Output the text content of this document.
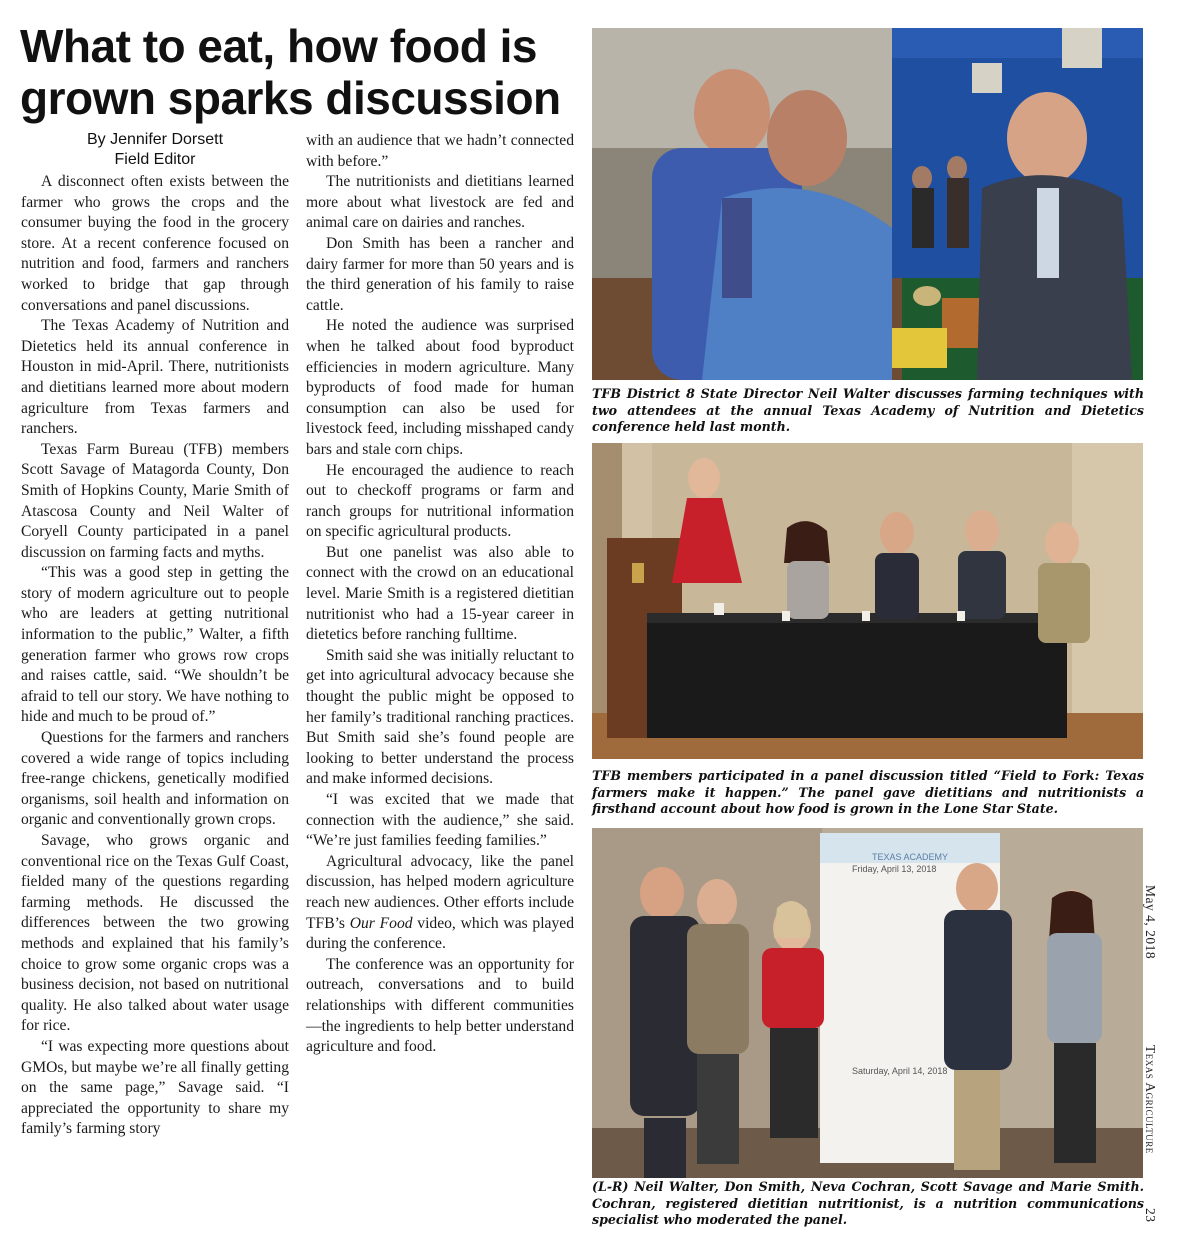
What to eat, how food is grown sparks discussion
By Jennifer Dorsett
Field Editor

A disconnect often exists between the farmer who grows the crops and the consumer buying the food in the grocery store. At a recent conference focused on nutrition and food, farmers and ranchers worked to bridge that gap through conversations and panel discussions.

The Texas Academy of Nutrition and Dietetics held its annual conference in Houston in mid-April. There, nutritionists and dietitians learned more about modern agriculture from Texas farmers and ranchers.

Texas Farm Bureau (TFB) members Scott Savage of Matagorda County, Don Smith of Hopkins County, Marie Smith of Atascosa County and Neil Walter of Coryell County participated in a panel discussion on farming facts and myths.

“This was a good step in getting the story of modern agriculture out to people who are leaders at getting nutritional information to the public,” Walter, a fifth generation farmer who grows row crops and raises cattle, said. “We shouldn’t be afraid to tell our story. We have nothing to hide and much to be proud of.”

Questions for the farmers and ranchers covered a wide range of topics including free-range chickens, genetically modified organisms, soil health and information on organic and conventionally grown crops.

Savage, who grows organic and conventional rice on the Texas Gulf Coast, fielded many of the questions regarding farming methods. He discussed the differences between the two growing methods and explained that his family’s choice to grow some organic crops was a business decision, not based on nutritional quality. He also talked about water usage for rice.

“I was expecting more questions about GMOs, but maybe we’re all finally getting on the same page,” Savage said. “I appreciated the opportunity to share my family’s farming story

with an audience that we hadn’t connected with before.”

The nutritionists and dietitians learned more about what livestock are fed and animal care on dairies and ranches.

Don Smith has been a rancher and dairy farmer for more than 50 years and is the third generation of his family to raise cattle.

He noted the audience was surprised when he talked about food byproduct efficiencies in modern agriculture. Many byproducts of food made for human consumption can also be used for livestock feed, including misshaped candy bars and stale corn chips.

He encouraged the audience to reach out to checkoff programs or farm and ranch groups for nutritional information on specific agricultural products.

But one panelist was also able to connect with the crowd on an educational level. Marie Smith is a registered dietitian nutritionist who had a 15-year career in dietetics before ranching fulltime.

Smith said she was initially reluctant to get into agricultural advocacy because she thought the public might be opposed to her family’s traditional ranching practices. But Smith said she’s found people are looking to better understand the process and make informed decisions.

“I was excited that we made that connection with the audience,” she said. “We’re just families feeding families.”

Agricultural advocacy, like the panel discussion, has helped modern agriculture reach new audiences. Other efforts include TFB’s Our Food video, which was played during the conference.

The conference was an opportunity for outreach, conversations and to build relationships with different communities—the ingredients to help better understand agriculture and food.

TFB District 8 State Director Neil Walter discusses farming techniques with two attendees at the annual Texas Academy of Nutrition and Dietetics conference held last month.
TFB members participated in a panel discussion titled “Field to Fork: Texas farmers make it happen.” The panel gave dietitians and nutritionists a firsthand account about how food is grown in the Lone Star State.
TEXAS ACADEMY
Friday, April 13, 2018
Saturday, April 14, 2018
(L-R) Neil Walter, Don Smith, Neva Cochran, Scott Savage and Marie Smith. Cochran, registered dietitian nutritionist, is a nutrition communications specialist who moderated the panel.
May 4, 2018
Texas Agriculture
23
